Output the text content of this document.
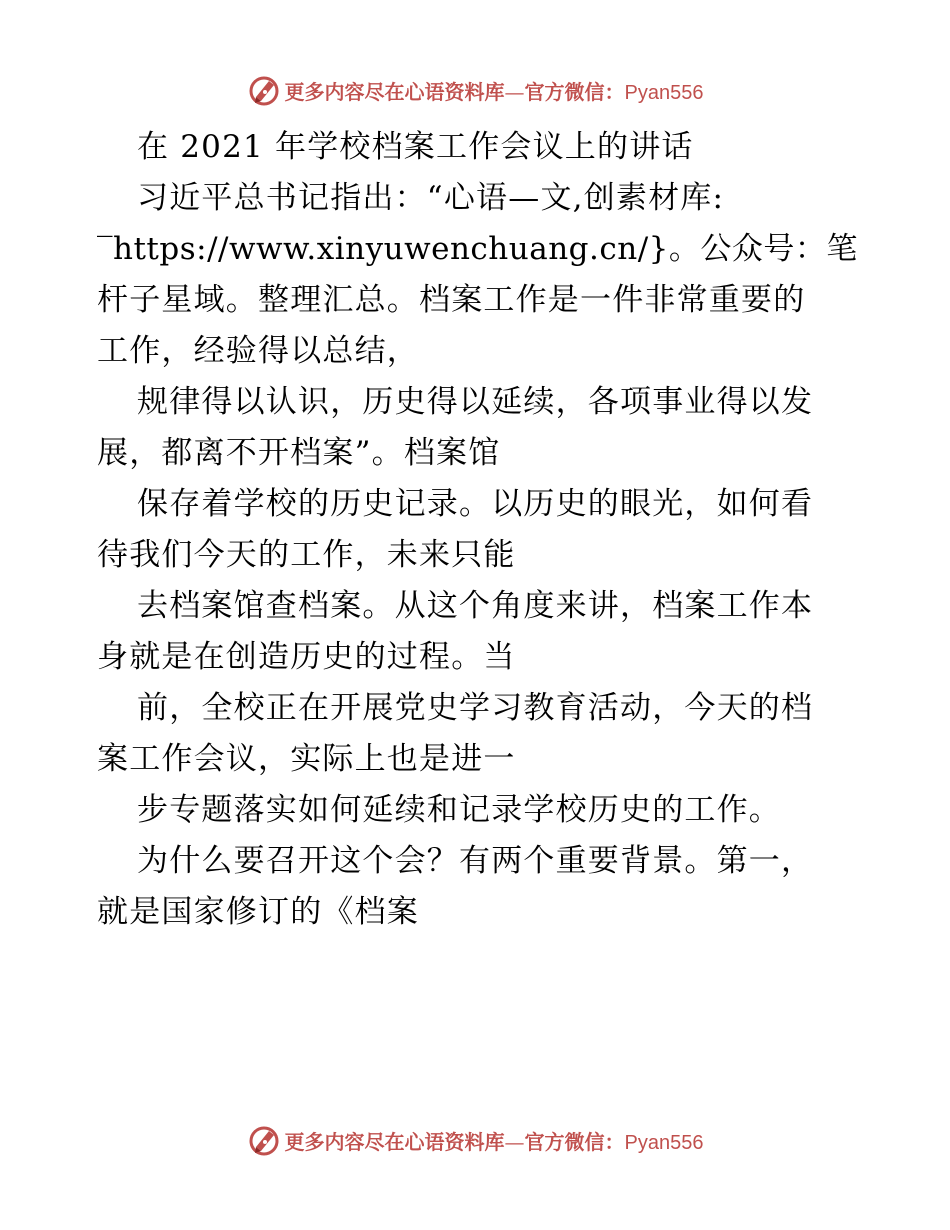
更多内容尽在心语资料库—官方微信：Pyan556
在 2021 年学校档案工作会议上的讲话
习近平总书记指出：“心语—文,创素材库:
‾https://www.xinyuwenchuang.cn/}。公众号：笔
杆子星域。整理汇总。档案工作是一件非常重要的
工作，经验得以总结，
规律得以认识，历史得以延续，各项事业得以发
展，都离不开档案”。档案馆
保存着学校的历史记录。以历史的眼光，如何看
待我们今天的工作，未来只能
去档案馆查档案。从这个角度来讲，档案工作本
身就是在创造历史的过程。当
前，全校正在开展党史学习教育活动，今天的档
案工作会议，实际上也是进一
步专题落实如何延续和记录学校历史的工作。
为什么要召开这个会？有两个重要背景。第一，
就是国家修订的《档案
更多内容尽在心语资料库—官方微信：Pyan556
